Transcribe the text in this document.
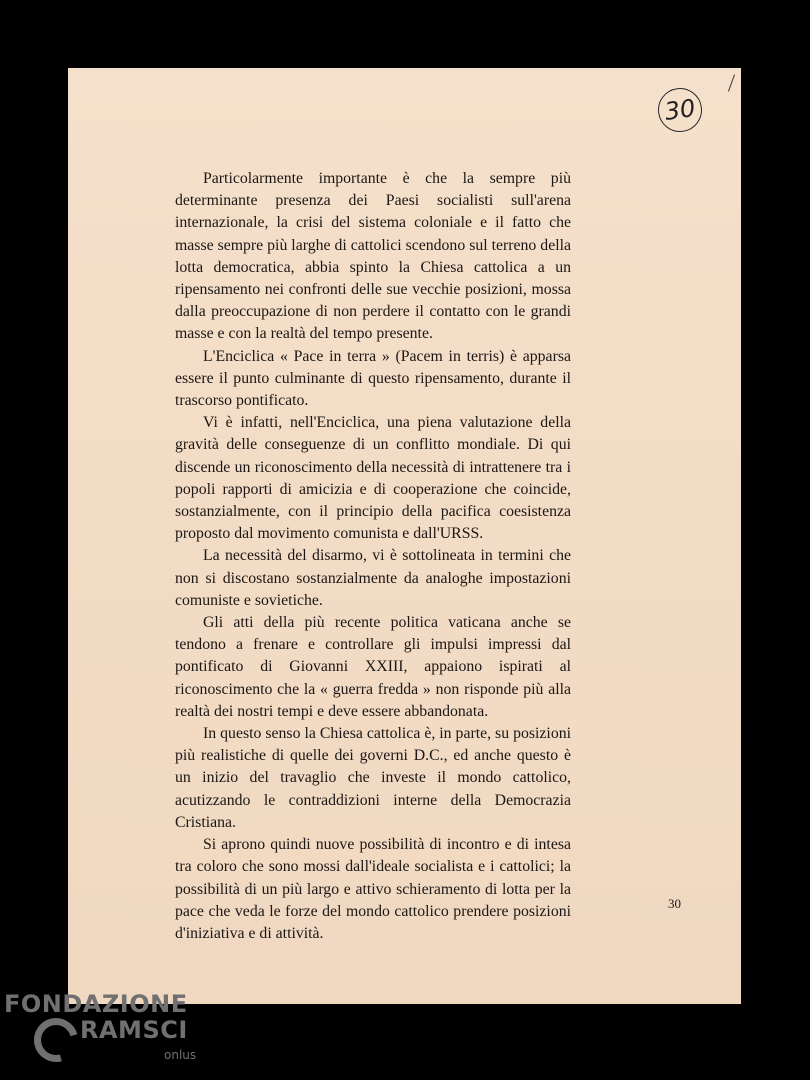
30

Particolarmente importante è che la sempre più determinante presenza dei Paesi socialisti sull'arena internazionale, la crisi del sistema coloniale e il fatto che masse sempre più larghe di cattolici scendono sul terreno della lotta democratica, abbia spinto la Chiesa cattolica a un ripensamento nei confronti delle sue vecchie posizioni, mossa dalla preoccupazione di non perdere il contatto con le grandi masse e con la realtà del tempo presente.

L'Enciclica « Pace in terra » (Pacem in terris) è apparsa essere il punto culminante di questo ripensamento, durante il trascorso pontificato.

Vi è infatti, nell'Enciclica, una piena valutazione della gravità delle conseguenze di un conflitto mondiale. Di qui discende un riconoscimento della necessità di intrattenere tra i popoli rapporti di amicizia e di cooperazione che coincide, sostanzialmente, con il principio della pacifica coesistenza proposto dal movimento comunista e dall'URSS.

La necessità del disarmo, vi è sottolineata in termini che non si discostano sostanzialmente da analoghe impostazioni comuniste e sovietiche.

Gli atti della più recente politica vaticana anche se tendono a frenare e controllare gli impulsi impressi dal pontificato di Giovanni XXIII, appaiono ispirati al riconoscimento che la « guerra fredda » non risponde più alla realtà dei nostri tempi e deve essere abbandonata.

In questo senso la Chiesa cattolica è, in parte, su posizioni più realistiche di quelle dei governi D.C., ed anche questo è un inizio del travaglio che investe il mondo cattolico, acutizzando le contraddizioni interne della Democrazia Cristiana.

Si aprono quindi nuove possibilità di incontro e di intesa tra coloro che sono mossi dall'ideale socialista e i cattolici; la possibilità di un più largo e attivo schieramento di lotta per la pace che veda le forze del mondo cattolico prendere posizioni d'iniziativa e di attività.

30
FONDAZIONE
RAMSCI
onlus
